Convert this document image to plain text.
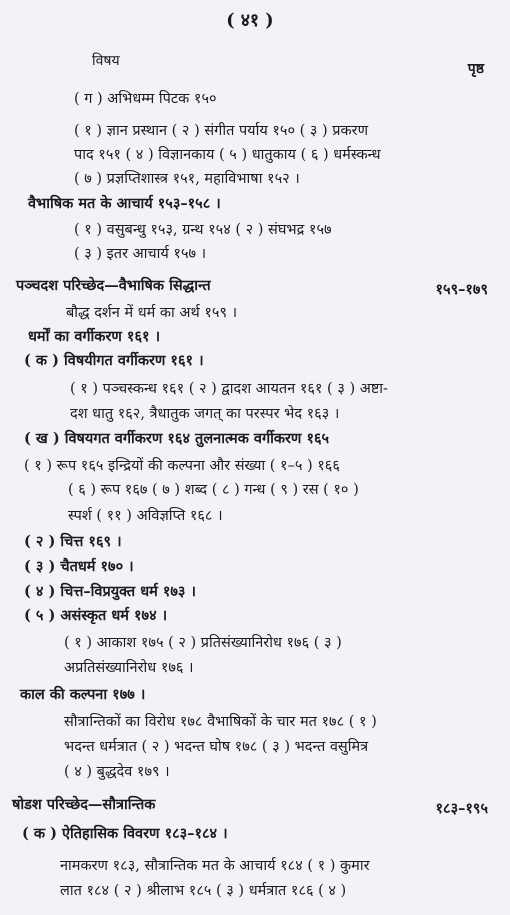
( ४१ )
विषय	पृष्ठ
( ग ) अभिधम्म पिटक १५०
( १ ) ज्ञान प्रस्थान ( २ ) संगीत पर्याय १५० ( ३ ) प्रकरण
पाद १५१ ( ४ ) विज्ञानकाय ( ५ ) धातुकाय ( ६ ) धर्मस्कन्ध
( ७ ) प्रज्ञप्तिशास्त्र १५१, महाविभाषा १५२ ।
वैभाषिक मत के आचार्य १५३–१५८ ।
( १ ) वसुबन्धु १५३, ग्रन्थ १५४ ( २ ) संघभद्र १५७
( ३ ) इतर आचार्य १५७ ।
पञ्चदश परिच्छेद—वैभाषिक सिद्धान्त	१५९–१७९
बौद्ध दर्शन में धर्म का अर्थ १५९ ।
धर्मों का वर्गीकरण १६१ ।
( क ) विषयीगत वर्गीकरण १६१ ।
( १ ) पञ्चस्कन्ध १६१ ( २ ) द्वादश आयतन १६१ ( ३ ) अष्टा-
दश धातु १६२, त्रैधातुक जगत् का परस्पर भेद १६३ ।
( ख ) विषयगत वर्गीकरण १६४ तुलनात्मक वर्गीकरण १६५
( १ ) रूप १६५ इन्द्रियों की कल्पना और संख्या ( १–५ ) १६६
( ६ ) रूप १६७ ( ७ ) शब्द ( ८ ) गन्ध ( ९ ) रस ( १० )
स्पर्श ( ११ ) अविज्ञप्ति १६८ ।
( २ ) चित्त १६९ ।
( ३ ) चैतधर्म १७० ।
( ४ ) चित्त–विप्रयुक्त धर्म १७३ ।
( ५ ) असंस्कृत धर्म १७४ ।
( १ ) आकाश १७५ ( २ ) प्रतिसंख्यानिरोध १७६ ( ३ )
अप्रतिसंख्यानिरोध १७६ ।
काल की कल्पना १७७ ।
सौत्रान्तिकों का विरोध १७८ वैभाषिकों के चार मत १७८ ( १ )
भदन्त धर्मत्रात ( २ ) भदन्त घोष १७८ ( ३ ) भदन्त वसुमित्र
( ४ ) बुद्धदेव १७९ ।
षोडश परिच्छेद—सौत्रान्तिक	१८३–१९५
( क ) ऐतिहासिक विवरण १८३–१८४ ।
नामकरण १८३, सौत्रान्तिक मत के आचार्य १८४ ( १ ) कुमार
लात १८४ ( २ ) श्रीलाभ १८५ ( ३ ) धर्मत्रात १८६ ( ४ )
